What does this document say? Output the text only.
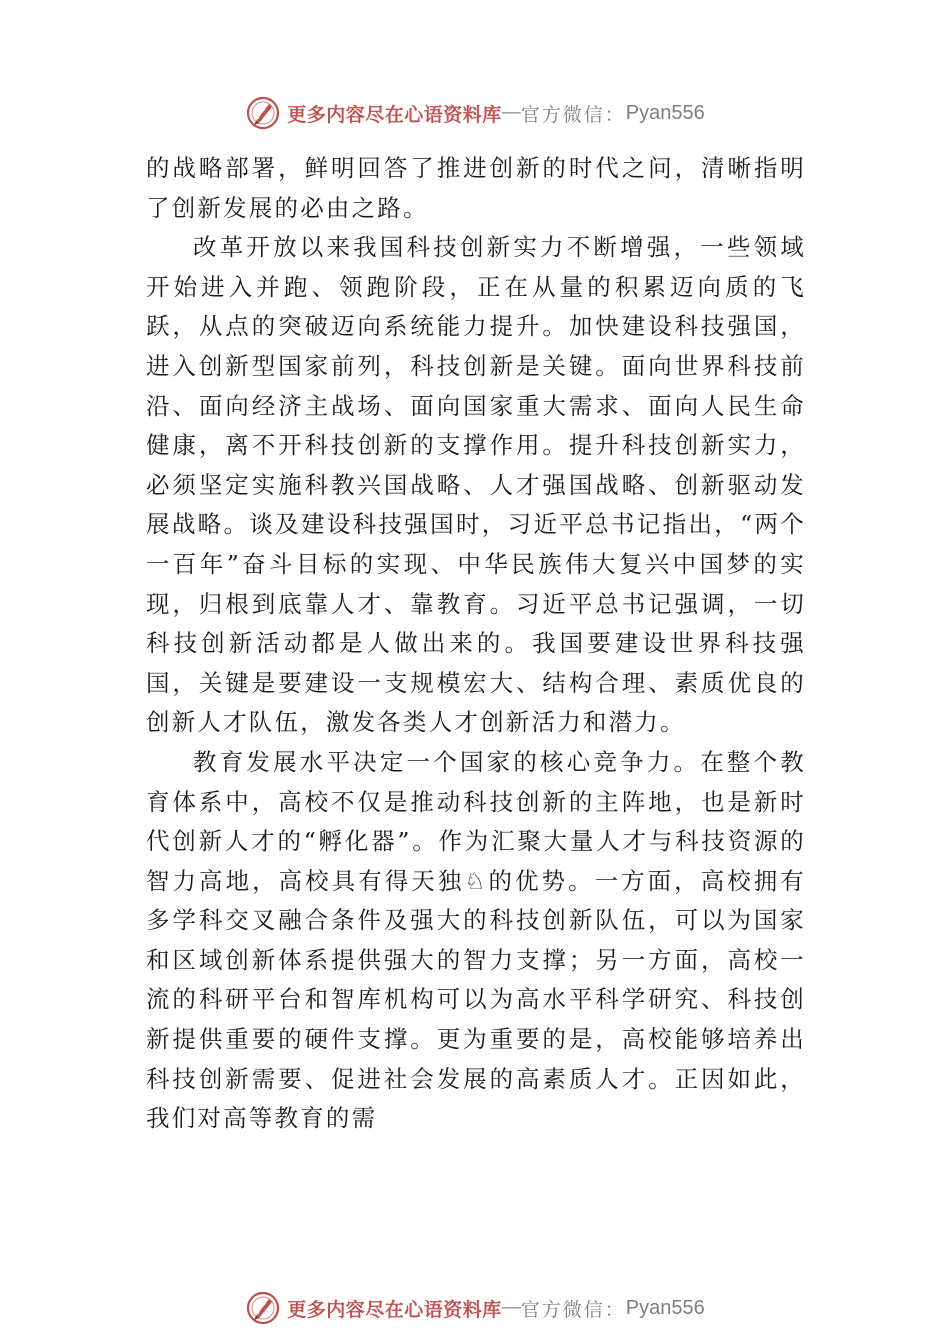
更多内容尽在心语资料库 — 官方微信： Pyan556

的战略部署，鲜明回答了推进创新的时代之问，清晰指明了创新发展的必由之路。

改革开放以来我国科技创新实力不断增强，一些领域开始进入并跑、领跑阶段，正在从量的积累迈向质的飞跃，从点的突破迈向系统能力提升。加快建设科技强国，进入创新型国家前列，科技创新是关键。面向世界科技前沿、面向经济主战场、面向国家重大需求、面向人民生命健康，离不开科技创新的支撑作用。提升科技创新实力，必须坚定实施科教兴国战略、人才强国战略、创新驱动发展战略。谈及建设科技强国时，习近平总书记指出，“两个一百年”奋斗目标的实现、中华民族伟大复兴中国梦的实现，归根到底靠人才、靠教育。习近平总书记强调，一切科技创新活动都是人做出来的。我国要建设世界科技强国，关键是要建设一支规模宏大、结构合理、素质优良的创新人才队伍，激发各类人才创新活力和潜力。

教育发展水平决定一个国家的核心竞争力。在整个教育体系中，高校不仅是推动科技创新的主阵地，也是新时代创新人才的“孵化器”。作为汇聚大量人才与科技资源的智力高地，高校具有得天独♘的优势。一方面，高校拥有多学科交叉融合条件及强大的科技创新队伍，可以为国家和区域创新体系提供强大的智力支撑；另一方面，高校一流的科研平台和智库机构可以为高水平科学研究、科技创新提供重要的硬件支撑。更为重要的是，高校能够培养出科技创新需要、促进社会发展的高素质人才。正因如此，我们对高等教育的需

更多内容尽在心语资料库 — 官方微信： Pyan556
